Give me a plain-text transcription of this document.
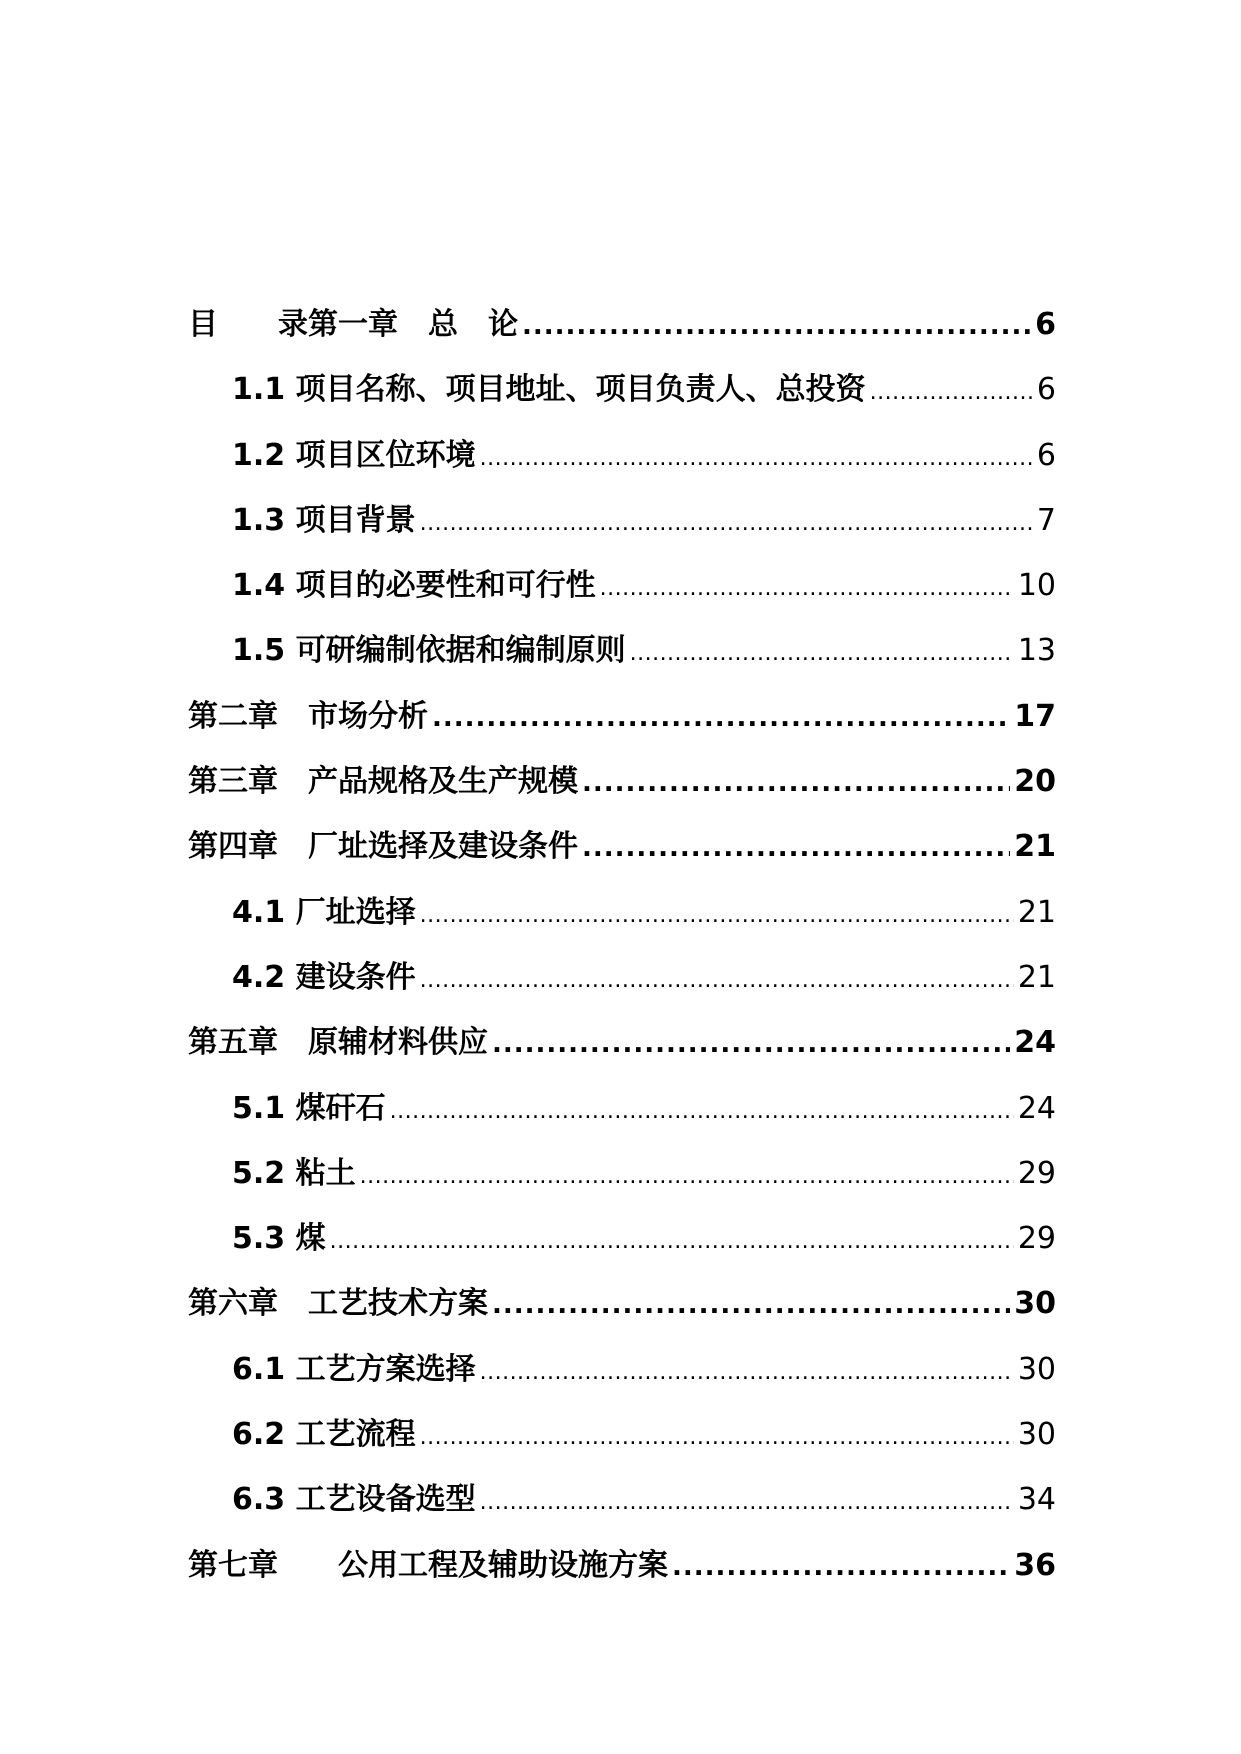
目　　录第一章　总　论 .....	6
1.1 项目名称、项目地址、项目负责人、总投资 .....	6
1.2 项目区位环境 .....	6
1.3 项目背景 .....	7
1.4 项目的必要性和可行性 .....	10
1.5 可研编制依据和编制原则 .....	13
第二章　市场分析 .....	17
第三章　产品规格及生产规模 .....	20
第四章　厂址选择及建设条件 .....	21
4.1 厂址选择 .....	21
4.2 建设条件 .....	21
第五章　原辅材料供应 .....	24
5.1 煤矸石 .....	24
5.2 粘土 .....	29
5.3 煤 .....	29
第六章　工艺技术方案 .....	30
6.1 工艺方案选择 .....	30
6.2 工艺流程 .....	30
6.3 工艺设备选型 .....	34
第七章　　公用工程及辅助设施方案 .....	36
